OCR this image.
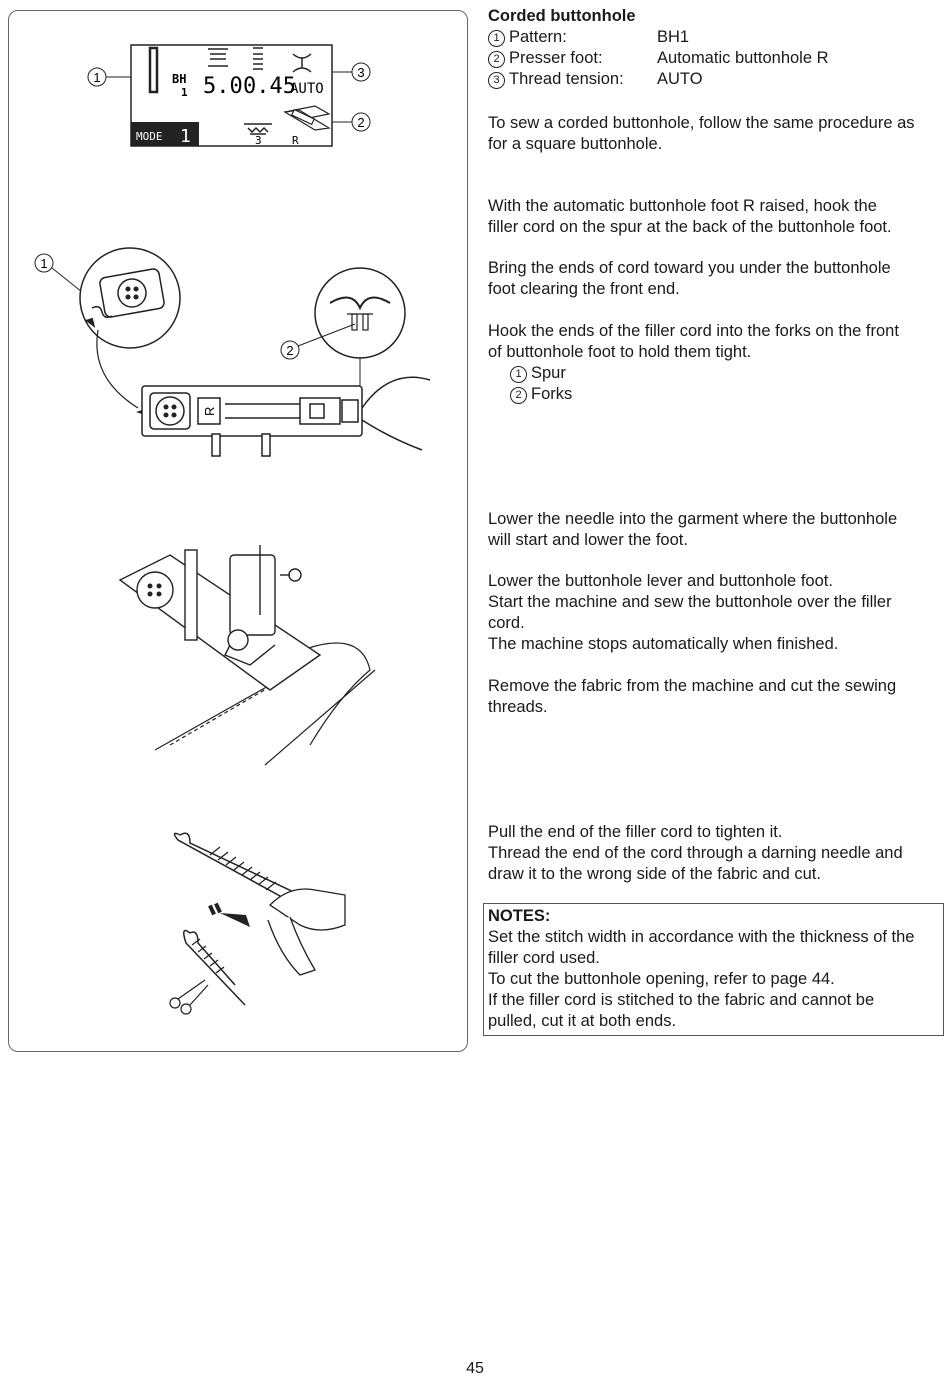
BH
1 5.0 0.45
AUTO
MODE 1	3	R
1	3
2
1
2
R

Corded buttonhole

1 Pattern:	BH1

2 Presser foot:	Automatic buttonhole R

3 Thread tension: AUTO

To sew a corded buttonhole, follow the same procedure as

for a square buttonhole.

With the automatic buttonhole foot R raised, hook the

filler cord on the spur at the back of the buttonhole foot.

Bring the ends of cord toward you under the buttonhole

foot clearing the front end.

Hook the ends of the filler cord into the forks on the front

of buttonhole foot to hold them tight.

1 Spur

2 Forks

Lower the needle into the garment where the buttonhole

will start and lower the foot.

Lower the buttonhole lever and buttonhole foot.

Start the machine and sew the buttonhole over the filler

cord.

The machine stops automatically when finished.

Remove the fabric from the machine and cut the sewing

threads.

Pull the end of the filler cord to tighten it.

Thread the end of the cord through a darning needle and

draw it to the wrong side of the fabric and cut.

NOTES:

Set the stitch width in accordance with the thickness of the

filler cord used.

To cut the buttonhole opening, refer to page 44.

If the filler cord is stitched to the fabric and cannot be

pulled, cut it at both ends.

45
